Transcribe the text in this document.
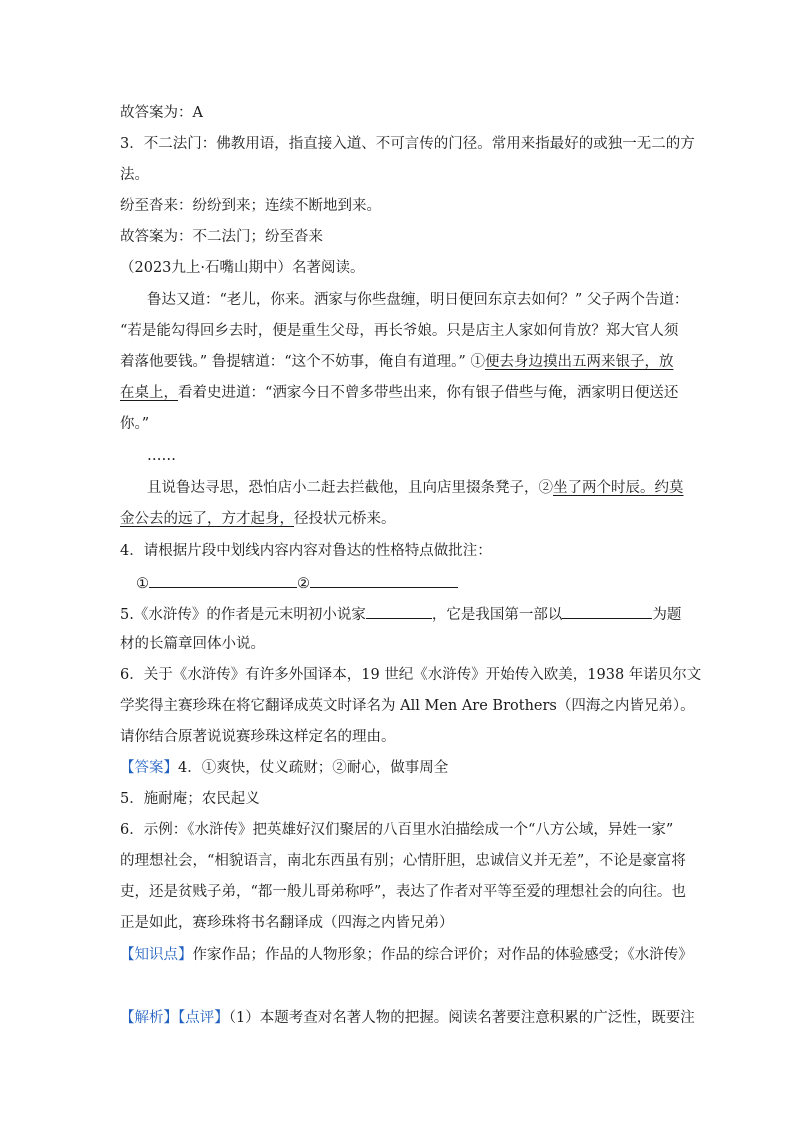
故答案为：A
3．不二法门：佛教用语，指直接入道、不可言传的门径。常用来指最好的或独一无二的方
法。
纷至沓来：纷纷到来；连续不断地到来。
故答案为：不二法门；纷至沓来
（2023九上·石嘴山期中）名著阅读。
鲁达又道：“老儿，你来。洒家与你些盘缠，明日便回东京去如何？” 父子两个告道：
“若是能勾得回乡去时，便是重生父母，再长爷娘。只是店主人家如何肯放？郑大官人须
着落他要钱。” 鲁提辖道：“这个不妨事，俺自有道理。” ①便去身边摸出五两来银子，放
在桌上，看着史进道：“洒家今日不曾多带些出来，你有银子借些与俺，洒家明日便送还
你。”
……
且说鲁达寻思，恐怕店小二赶去拦截他，且向店里掇条凳子，②坐了两个时辰。约莫
金公去的远了，方才起身，径投状元桥来。
4．请根据片段中划线内容内容对鲁达的性格特点做批注：
①	②
5.《水浒传》的作者是元末明初小说家	，它是我国第一部以	为题
材的长篇章回体小说。
6．关于《水浒传》有许多外国译本，19 世纪《水浒传》开始传入欧美，1938 年诺贝尔文
学奖得主赛珍珠在将它翻译成英文时译名为 All Men Are Brothers（四海之内皆兄弟）。
请你结合原著说说赛珍珠这样定名的理由。
【答案】4．①爽快，仗义疏财；②耐心，做事周全
5．施耐庵；农民起义
6．示例：《水浒传》把英雄好汉们聚居的八百里水泊描绘成一个“八方公域，异姓一家”
的理想社会，“相貌语言，南北东西虽有别；心情肝胆，忠诚信义并无差”，不论是豪富将
吏，还是贫贱子弟，“都一般儿哥弟称呼”，表达了作者对平等至爱的理想社会的向往。也
正是如此，赛珍珠将书名翻译成（四海之内皆兄弟）
【知识点】作家作品；作品的人物形象；作品的综合评价；对作品的体验感受；《水浒传》
【解析】【点评】（1）本题考查对名著人物的把握。阅读名著要注意积累的广泛性，既要注
